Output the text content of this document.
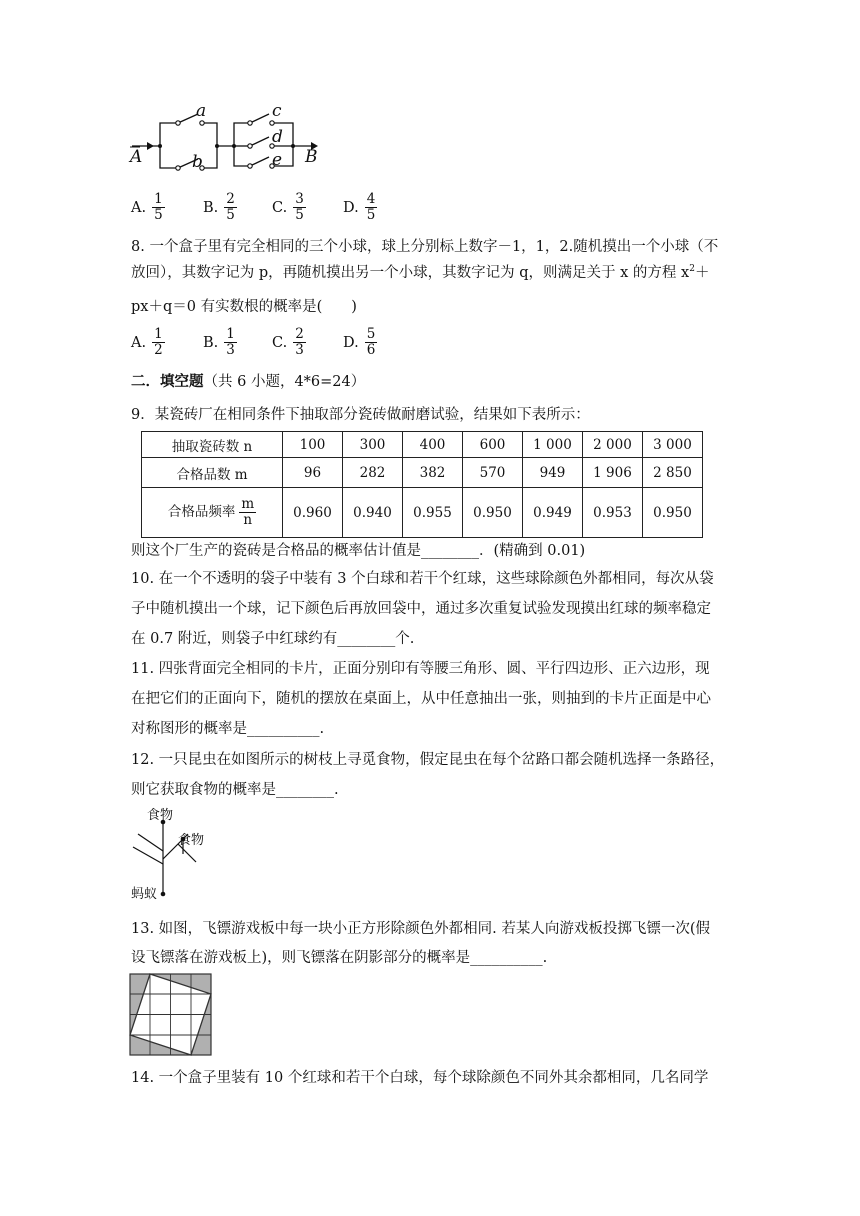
a
b
c
d
e
A	B
A. $\frac{1}{5}$	B. $\frac{2}{5} C$. $\frac{3}{5}$	D. $\frac{4}{5}$
8. 一个盒子里有完全相同的三个小球，球上分别标上数字－1，1，2.随机摸出一个小球（不
放回），其数字记为 p，再随机摸出另一个小球，其数字记为 q，则满足关于 x 的方程 $x^2+$
px＋q＝0 有实数根的概率是(　　)
A. $\frac{1}{2}$	B. $\frac{1}{3} C$. $\frac{2}{3}$	D. $\frac{5}{6}$
二．填空题（共 6 小题，4*6=24）
9．某瓷砖厂在相同条件下抽取部分瓷砖做耐磨试验，结果如下表所示：
抽取瓷砖数 n	100	300	400	600	1 000	2 000	3 000
合格品数 m	96	282	382	570	949	1 906	2 850
合格品频率 $\frac{m}{n}$	0.960	0.940	0.955	0.950	0.949	0.953	0.950
则这个厂生产的瓷砖是合格品的概率估计值是________．(精确到 0.01)
10. 在一个不透明的袋子中装有 3 个白球和若干个红球，这些球除颜色外都相同，每次从袋
子中随机摸出一个球，记下颜色后再放回袋中，通过多次重复试验发现摸出红球的频率稳定
在 0.7 附近，则袋子中红球约有________个.
11. 四张背面完全相同的卡片，正面分别印有等腰三角形、圆、平行四边形、正六边形，现
在把它们的正面向下，随机的摆放在桌面上，从中任意抽出一张，则抽到的卡片正面是中心
对称图形的概率是__________.
12. 一只昆虫在如图所示的树枝上寻觅食物，假定昆虫在每个岔路口都会随机选择一条路径，
则它获取食物的概率是________.
食物
食物
蚂蚁
13. 如图，飞镖游戏板中每一块小正方形除颜色外都相同. 若某人向游戏板投掷飞镖一次(假
设飞镖落在游戏板上)，则飞镖落在阴影部分的概率是__________.
14. 一个盒子里装有 10 个红球和若干个白球，每个球除颜色不同外其余都相同，几名同学
